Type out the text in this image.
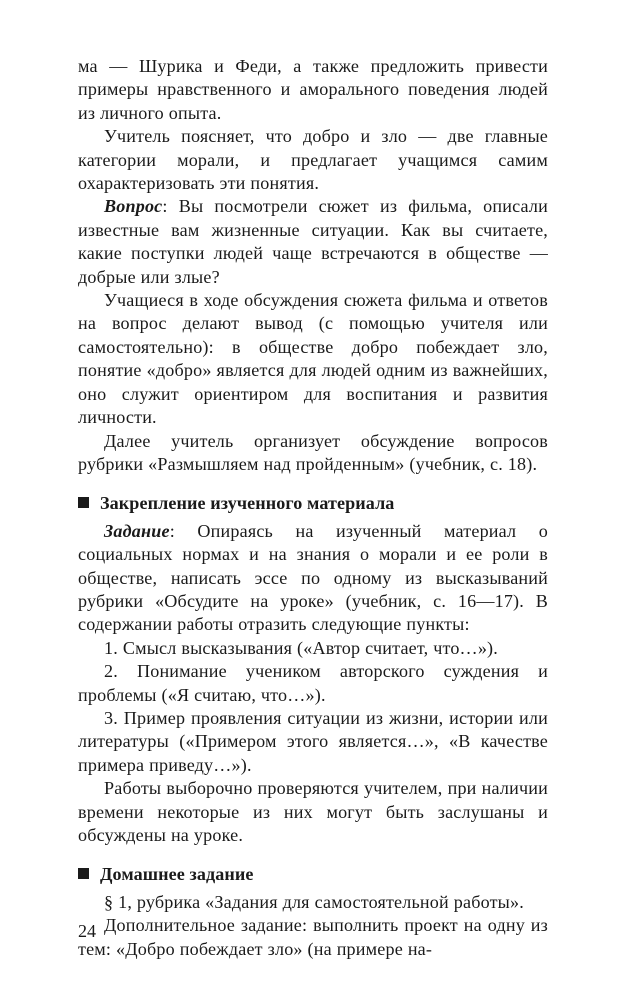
ма — Шурика и Феди, а также предложить привести примеры нравственного и аморального поведения людей из личного опыта.

Учитель поясняет, что добро и зло — две главные категории морали, и предлагает учащимся самим охарактеризовать эти понятия.

Вопрос: Вы посмотрели сюжет из фильма, описали известные вам жизненные ситуации. Как вы считаете, какие поступки людей чаще встречаются в обществе — добрые или злые?

Учащиеся в ходе обсуждения сюжета фильма и ответов на вопрос делают вывод (с помощью учителя или самостоятельно): в обществе добро побеждает зло, понятие «добро» является для людей одним из важнейших, оно служит ориентиром для воспитания и развития личности.

Далее учитель организует обсуждение вопросов рубрики «Размышляем над пройденным» (учебник, с. 18).

Закрепление изученного материала

Задание: Опираясь на изученный материал о социальных нормах и на знания о морали и ее роли в обществе, написать эссе по одному из высказываний рубрики «Обсудите на уроке» (учебник, с. 16—17). В содержании работы отразить следующие пункты:

1. Смысл высказывания («Автор считает, что…»).

2. Понимание учеником авторского суждения и проблемы («Я считаю, что…»).

3. Пример проявления ситуации из жизни, истории или литературы («Примером этого является…», «В качестве примера приведу…»).

Работы выборочно проверяются учителем, при наличии времени некоторые из них могут быть заслушаны и обсуждены на уроке.

Домашнее задание

§ 1, рубрика «Задания для самостоятельной работы».

Дополнительное задание: выполнить проект на одну из тем: «Добро побеждает зло» (на примере на-

24
